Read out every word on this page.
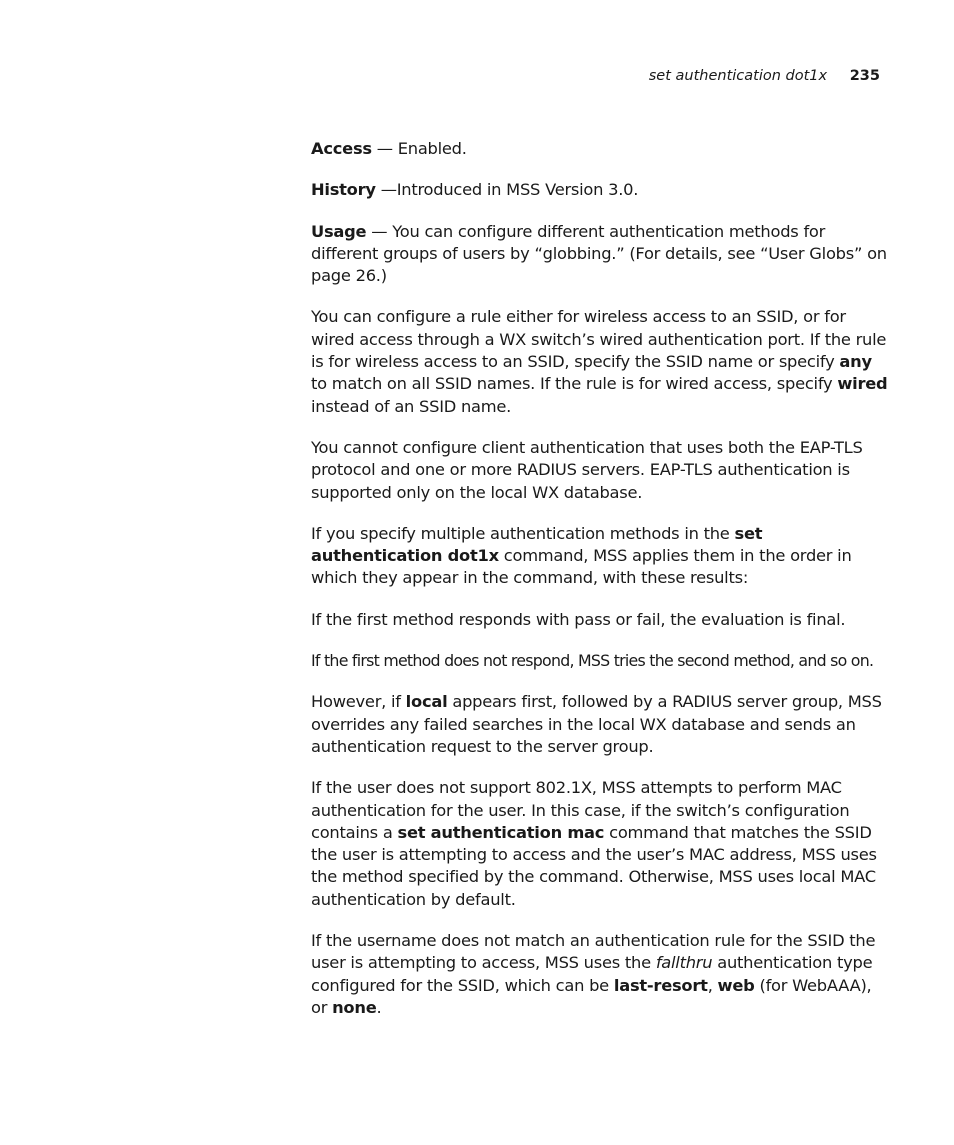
set authentication dot1x 235

Access — Enabled.

History —Introduced in MSS Version 3.0.

Usage — You can configure different authentication methods for different groups of users by “globbing.” (For details, see “User Globs” on page 26.)

You can configure a rule either for wireless access to an SSID, or for wired access through a WX switch’s wired authentication port. If the rule is for wireless access to an SSID, specify the SSID name or specify any to match on all SSID names. If the rule is for wired access, specify wired instead of an SSID name.

You cannot configure client authentication that uses both the EAP-TLS protocol and one or more RADIUS servers. EAP-TLS authentication is supported only on the local WX database.

If you specify multiple authentication methods in the set authentication dot1x command, MSS applies them in the order in which they appear in the command, with these results:

If the first method responds with pass or fail, the evaluation is final.

If the first method does not respond, MSS tries the second method, and so on.

However, if local appears first, followed by a RADIUS server group, MSS overrides any failed searches in the local WX database and sends an authentication request to the server group.

If the user does not support 802.1X, MSS attempts to perform MAC authentication for the user. In this case, if the switch’s configuration contains a set authentication mac command that matches the SSID the user is attempting to access and the user’s MAC address, MSS uses the method specified by the command. Otherwise, MSS uses local MAC authentication by default.

If the username does not match an authentication rule for the SSID the user is attempting to access, MSS uses the fallthru authentication type configured for the SSID, which can be last-resort, web (for WebAAA), or none.
